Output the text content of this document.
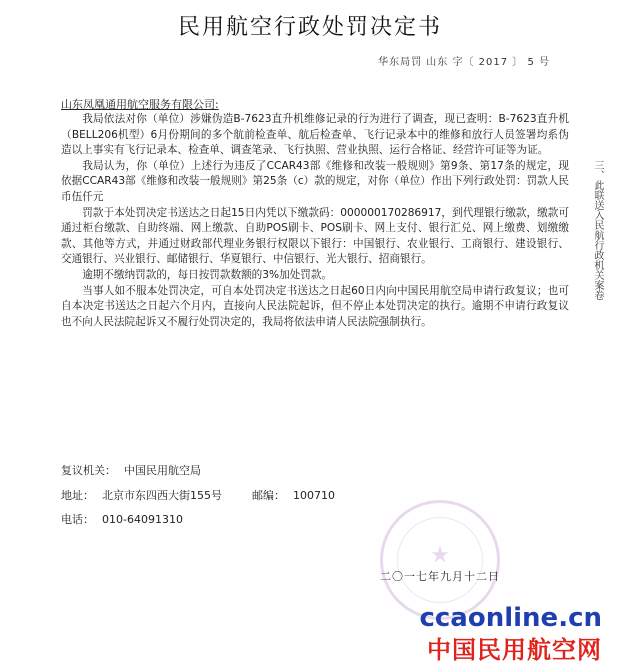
民用航空行政处罚决定书
华东局罚 山东 字〔 2017 〕 5 号
山东凤凰通用航空服务有限公司:

我局依法对你（单位）涉嫌伪造B-7623直升机维修记录的行为进行了调查，现已查明：B-7623直升机（BELL206机型）6月份期间的多个航前检查单、航后检查单、飞行记录本中的维修和放行人员签署均系伪造以上事实有飞行记录本、检查单、调查笔录、飞行执照、营业执照、运行合格证、经营许可证等为证。

我局认为，你（单位）上述行为违反了CCAR43部《维修和改装一般规则》第9条、第17条的规定，现依据CCAR43部《维修和改装一般规则》第25条（c）款的规定，对你（单位）作出下列行政处罚：罚款人民币伍仟元

罚款于本处罚决定书送达之日起15日内凭以下缴款码：000000170286917，到代理银行缴款，缴款可通过柜台缴款、自助终端、网上缴款、自助POS刷卡、POS刷卡、网上支付、银行汇兑、网上缴费、划缴缴款、其他等方式，并通过财政部代理业务银行权限以下银行：中国银行、农业银行、工商银行、建设银行、交通银行、兴业银行、邮储银行、华夏银行、中信银行、光大银行、招商银行。

逾期不缴纳罚款的，每日按罚款数额的3%加处罚款。

当事人如不服本处罚决定，可自本处罚决定书送达之日起60日内向中国民用航空局申请行政复议；也可自本决定书送达之日起六个月内，直接向人民法院起诉，但不停止本处罚决定的执行。逾期不申请行政复议也不向人民法院起诉又不履行处罚决定的，我局将依法申请人民法院强制执行。

复议机关： 中国民用航空局
地址： 北京市东四西大街155号	邮编： 100710
电话： 010-64091310
★
二〇一七年九月十二日
三、此联送入民航行政机关案卷
ccaonline.cn
中国民用航空网
